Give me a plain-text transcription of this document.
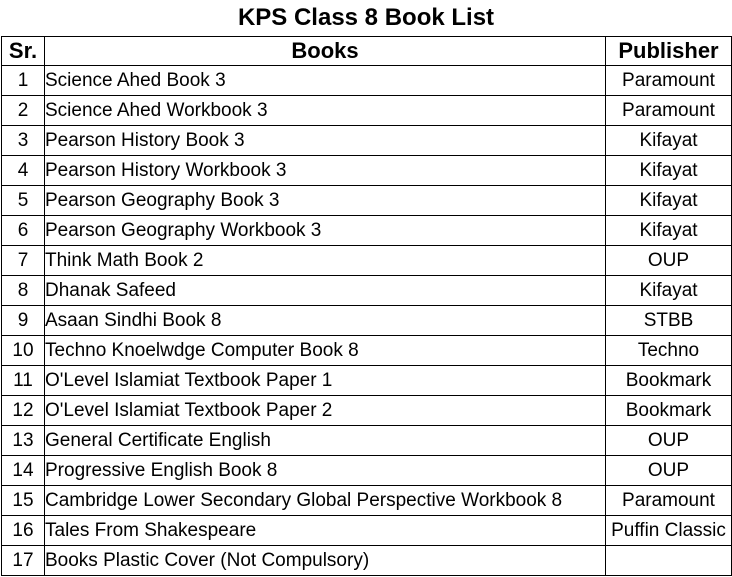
KPS Class 8 Book List
Sr.	Books	Publisher
1	Science Ahed Book 3	Paramount
2	Science Ahed Workbook 3	Paramount
3	Pearson History Book 3	Kifayat
4	Pearson History Workbook 3	Kifayat
5	Pearson Geography Book 3	Kifayat
6	Pearson Geography Workbook 3	Kifayat
7	Think Math Book 2	OUP
8	Dhanak Safeed	Kifayat
9	Asaan Sindhi Book 8	STBB
10	Techno Knoelwdge Computer Book 8	Techno
11	O'Level Islamiat Textbook Paper 1	Bookmark
12	O'Level Islamiat Textbook Paper 2	Bookmark
13	General Certificate English	OUP
14	Progressive English Book 8	OUP
15	Cambridge Lower Secondary Global Perspective Workbook 8	Paramount
16	Tales From Shakespeare	Puffin Classic
17	Books Plastic Cover (Not Compulsory)	
